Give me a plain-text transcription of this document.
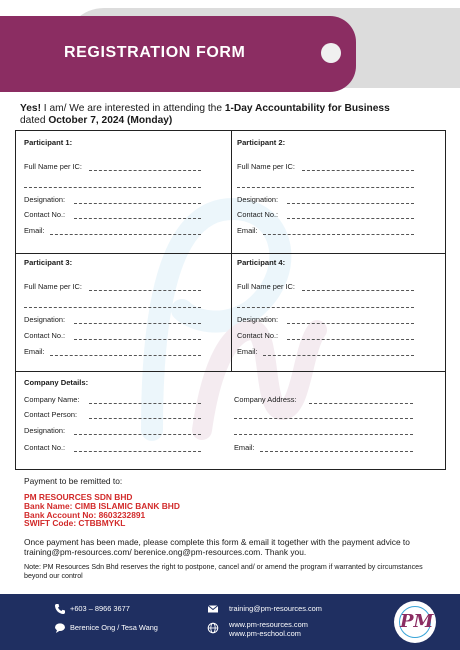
REGISTRATION FORM
Yes! I am/ We are interested in attending the 1-Day Accountability for Business
dated October 7, 2024 (Monday)
Participant 1:
Full Name per IC:
Designation:
Contact No.:
Email:
Participant 2:
Full Name per IC:
Designation:
Contact No.:
Email:
Participant 3:
Full Name per IC:
Designation:
Contact No.:
Email:
Participant 4:
Full Name per IC:
Designation:
Contact No.:
Email:
Company Details:
Company Name:
Contact Person:
Designation:
Contact No.:
Company Address:
Email:
Payment to be remitted to:
PM RESOURCES SDN BHD
Bank Name: CIMB ISLAMIC BANK BHD
Bank Account No: 8603232891
SWIFT Code: CTBBMYKL
Once payment has been made, please complete this form & email it together with the payment advice to training@pm-resources.com/ berenice.ong@pm-resources.com. Thank you.
Note: PM Resources Sdn Bhd reserves the right to postpone, cancel and/ or amend the program if warranted by circumstances beyond our control
+603 – 8966 3677
Berenice Ong / Tesa Wang
training@pm-resources.com
www.pm-resources.com
www.pm-eschool.com
PM
